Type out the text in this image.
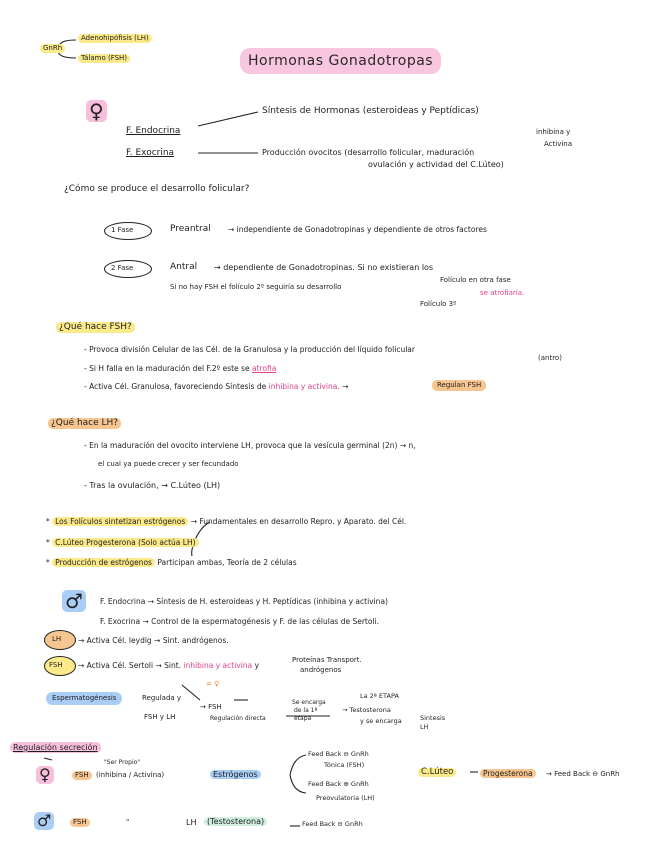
GnRh
Adenohipófisis (LH)
Tálamo (FSH)	Hormonas Gonadotropas
♀
F. Endocrina
Síntesis de Hormonas (esteroideas y Peptídicas)
F. Exocrina	Producción ovocitos (desarrollo folicular, maduración
ovulación y actividad del C.Lúteo)
inhibina y
Activina
¿Cómo se produce el desarrollo folicular?
1 Fase	Preantral → independiente de Gonadotropinas y dependiente de otros factores
2 Fase	Antral → dependiente de Gonadotropinas. Si no existieran los
Si no hay FSH el folículo 2º seguiría su desarrollo
Folículo en otra fase
se atrofiaría.
Folículo 3º
¿Qué hace FSH?
- Provoca división Celular de las Cél. de la Granulosa y la producción del líquido folicular
(antro)
- Si H falla en la maduración del F.2º este se atrofia
- Activa Cél. Granulosa, favoreciendo Síntesis de inhibina y activina. →	Regulan FSH
¿Qué hace LH?
- En la maduración del ovocito interviene LH, provoca que la vesícula germinal (2n) → n,
el cual ya puede crecer y ser fecundado
- Tras la ovulación, → C.Lúteo (LH)
* Los Folículos sintetizan estrógenos → Fundamentales en desarrollo Repro. y Aparato. del Cél.
* C.Lúteo Progesterona (Solo actúa LH)
* Producción de estrógenos Participan ambas, Teoría de 2 células
♂	F. Endocrina → Síntesis de H. esteroideas y H. Peptídicas (inhibina y activina)
F. Exocrina → Control de la espermatogénesis y F. de las células de Sertoli.
LH → Activa Cél. leydig → Sint. andrógenos.
FSH → Activa Cél. Sertoli → Sint. inhibina y activina y
Proteínas Transport.
andrógenos
= ♀
Espermatogénesis	Regulada y
FSH y LH
→ FSH
Regulación directa
Se encarga
de la 1ª
etapa
La 2ª ETAPA
→ Testosterona
y se encarga	Sintesis LH
Regulación secreción
"Ser Propio"
♀	FSH	(inhibina / Activina)	Estrógenos
Feed Back ⊖ GnRh
Tónica (FSH)
Feed Back ⊕ GnRh
Preovulatoria (LH)
C.Lúteo	Progesterona	→ Feed Back ⊖ GnRh
♂	FSH	"	LH	(Testosterona)	Feed Back ⊖ GnRh
